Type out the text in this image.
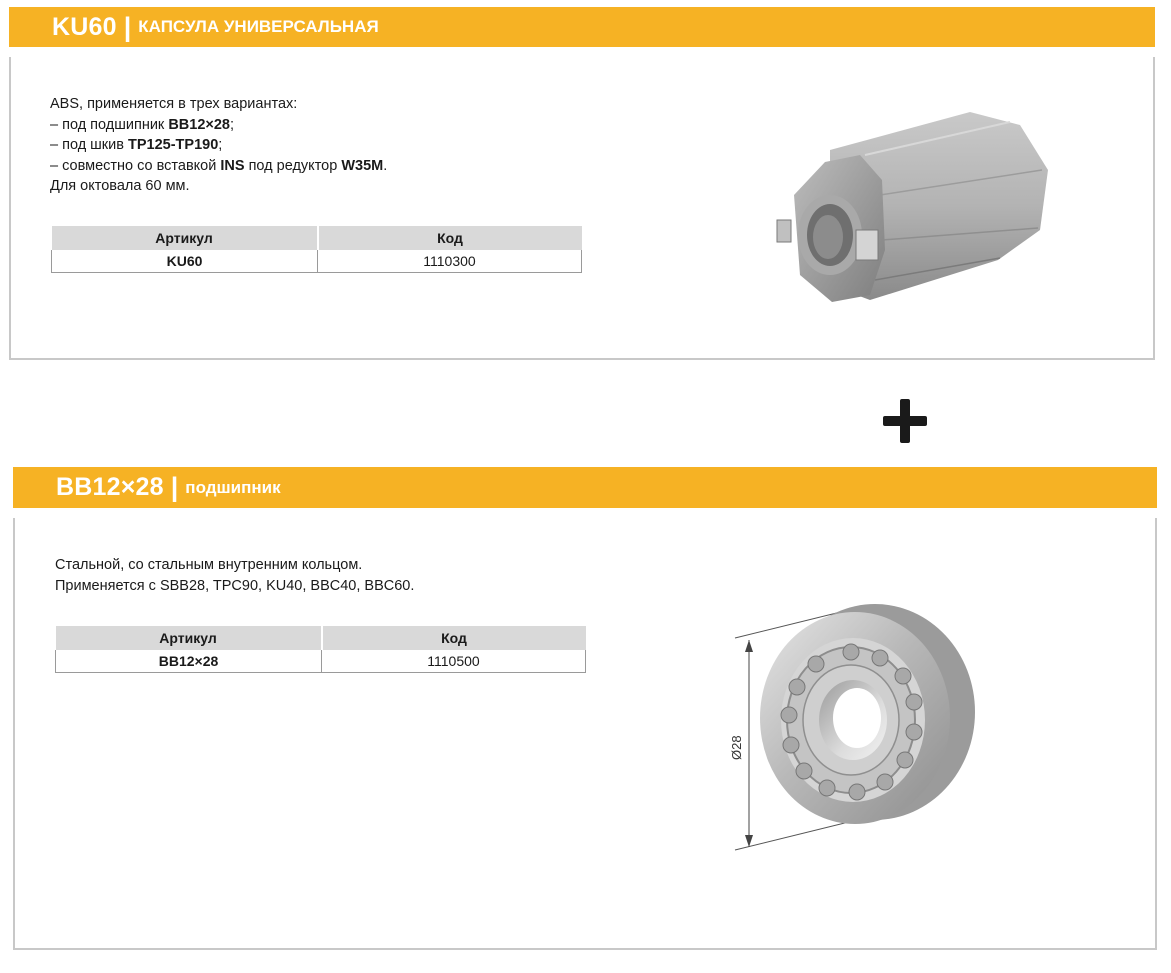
KU60 | КАПСУЛА УНИВЕРСАЛЬНАЯ

ABS, применяется в трех вариантах:

– под подшипник BB12×28;

– под шкив TP125-TP190;

– совместно со вставкой INS под редуктор W35M.

Для октовала 60 мм.

Артикул	Код
KU60	1110300
BB12×28 | подшипник

Стальной, со стальным внутренним кольцом.

Применяется с SBB28, TPC90, KU40, BBC40, BBC60.

Артикул	Код
BB12×28	1110500
Ø28
